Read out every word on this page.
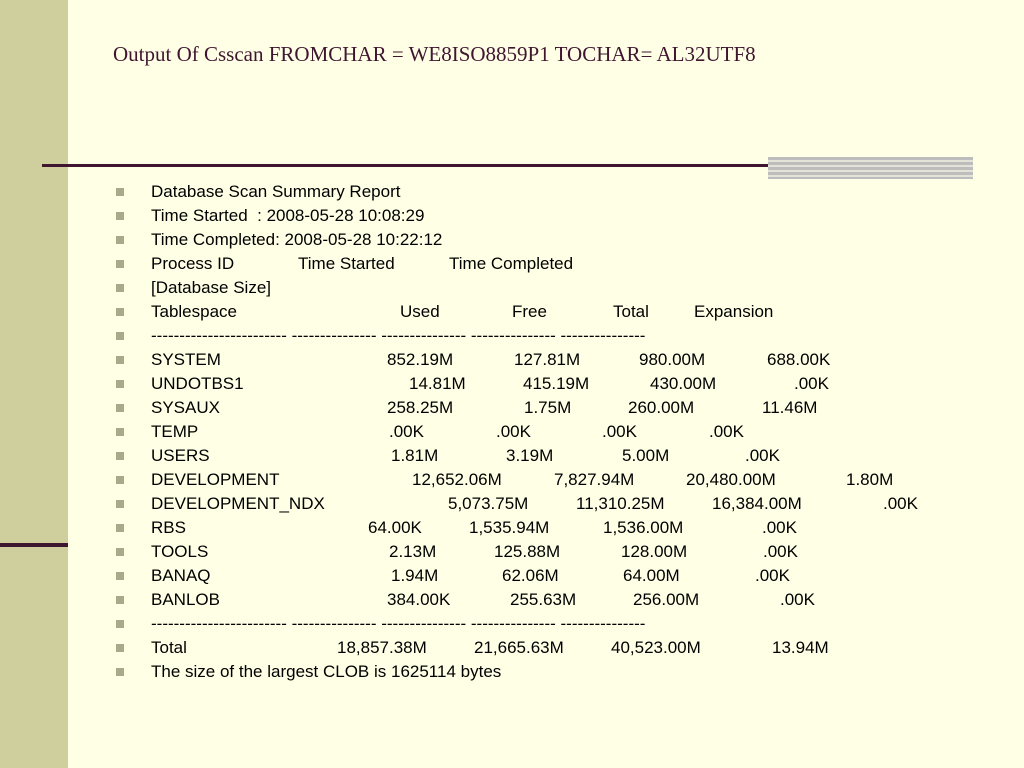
Output Of Csscan FROMCHAR = WE8ISO8859P1 TOCHAR= AL32UTF8
Database Scan Summary Report
Time Started  : 2008-05-28 10:08:29
Time Completed: 2008-05-28 10:22:12
Process ID	Time Started	Time Completed
[Database Size]
Tablespace	Used	Free	Total	Expansion
------------------------ --------------- --------------- --------------- ---------------
SYSTEM	852.19M	127.81M	980.00M	688.00K
UNDOTBS1	14.81M	415.19M	430.00M	.00K
SYSAUX	258.25M	1.75M	260.00M	11.46M
TEMP	.00K	.00K	.00K	.00K
USERS	1.81M	3.19M	5.00M	.00K
DEVELOPMENT	12,652.06M	7,827.94M	20,480.00M	1.80M
DEVELOPMENT_NDX	5,073.75M	11,310.25M	16,384.00M	.00K
RBS	64.00K	1,535.94M	1,536.00M	.00K
TOOLS	2.13M	125.88M	128.00M	.00K
BANAQ	1.94M	62.06M	64.00M	.00K
BANLOB	384.00K	255.63M	256.00M	.00K
------------------------ --------------- --------------- --------------- ---------------
Total	18,857.38M	21,665.63M	40,523.00M	13.94M
The size of the largest CLOB is 1625114 bytes
